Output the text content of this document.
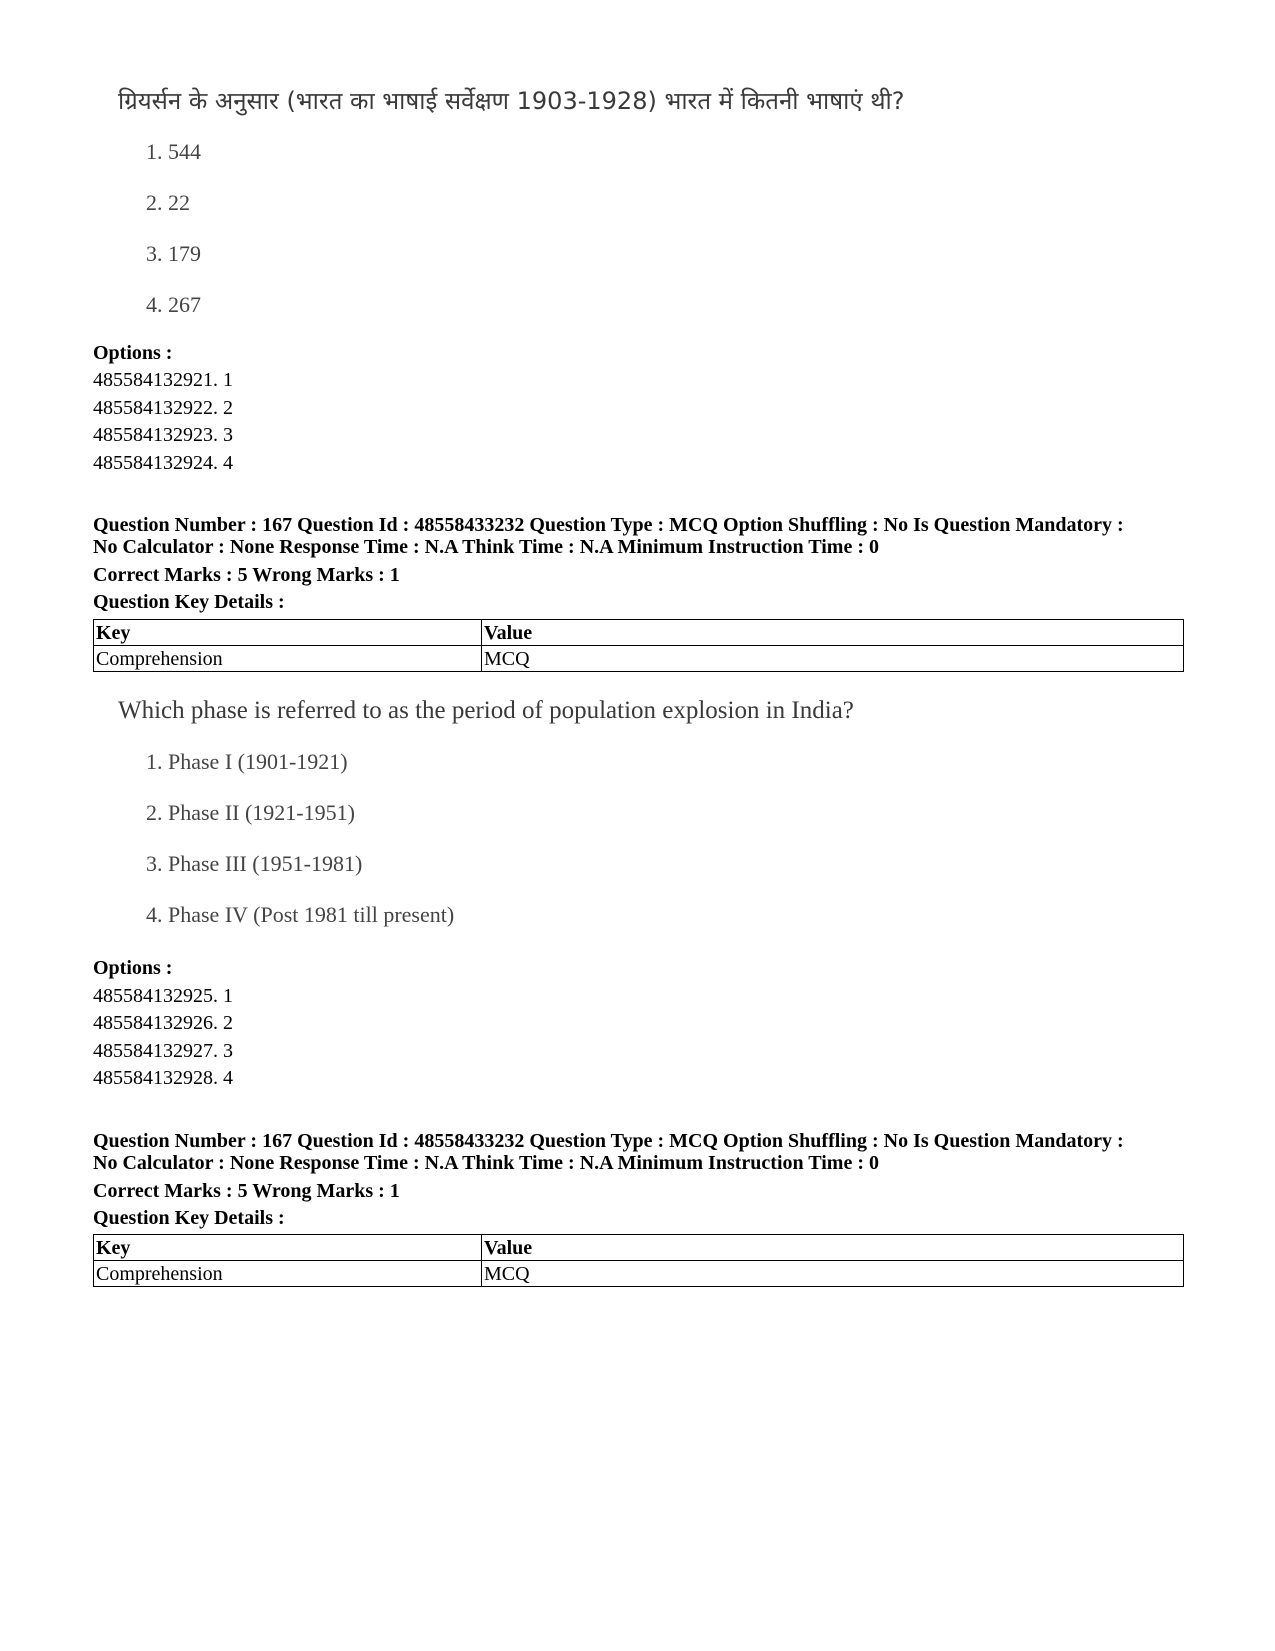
ग्रियर्सन के अनुसार (भारत का भाषाई सर्वेक्षण 1903-1928) भारत में कितनी भाषाएं थी?
1. 544
2. 22
3. 179
4. 267
Options :
485584132921. 1
485584132922. 2
485584132923. 3
485584132924. 4
Question Number : 167 Question Id : 48558433232 Question Type : MCQ Option Shuffling : No Is Question Mandatory :
No Calculator : None Response Time : N.A Think Time : N.A Minimum Instruction Time : 0
Correct Marks : 5 Wrong Marks : 1
Question Key Details :
Key	Value
Comprehension	MCQ
Which phase is referred to as the period of population explosion in India?
1. Phase I (1901-1921)
2. Phase II (1921-1951)
3. Phase III (1951-1981)
4. Phase IV (Post 1981 till present)
Options :
485584132925. 1
485584132926. 2
485584132927. 3
485584132928. 4
Question Number : 167 Question Id : 48558433232 Question Type : MCQ Option Shuffling : No Is Question Mandatory :
No Calculator : None Response Time : N.A Think Time : N.A Minimum Instruction Time : 0
Correct Marks : 5 Wrong Marks : 1
Question Key Details :
Key	Value
Comprehension	MCQ
